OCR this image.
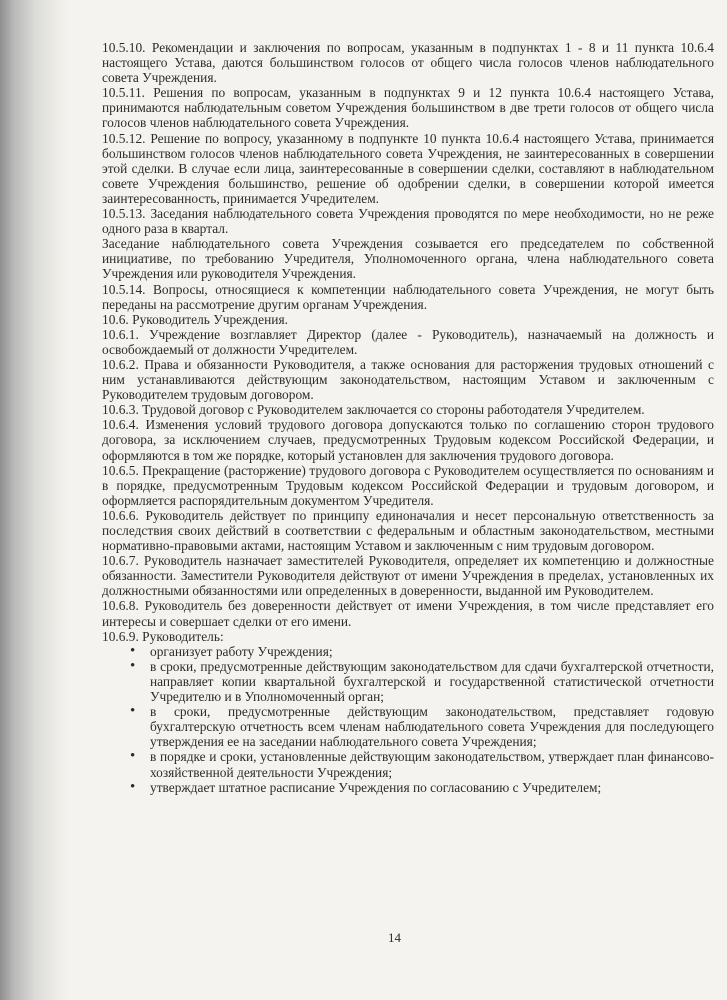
10.5.10. Рекомендации и заключения по вопросам, указанным в подпунктах 1 - 8 и 11 пункта 10.6.4 настоящего Устава, даются большинством голосов от общего числа голосов членов наблюдательного совета Учреждения.

10.5.11. Решения по вопросам, указанным в подпунктах 9 и 12 пункта 10.6.4 настоящего Устава, принимаются наблюдательным советом Учреждения большинством в две трети голосов от общего числа голосов членов наблюдательного совета Учреждения.

10.5.12. Решение по вопросу, указанному в подпункте 10 пункта 10.6.4 настоящего Устава, принимается большинством голосов членов наблюдательного совета Учреждения, не заинтересованных в совершении этой сделки. В случае если лица, заинтересованные в совершении сделки, составляют в наблюдательном совете Учреждения большинство, решение об одобрении сделки, в совершении которой имеется заинтересованность, принимается Учредителем.

10.5.13. Заседания наблюдательного совета Учреждения проводятся по мере необходимости, но не реже одного раза в квартал.

Заседание наблюдательного совета Учреждения созывается его председателем по собственной инициативе, по требованию Учредителя, Уполномоченного органа, члена наблюдательного совета Учреждения или руководителя Учреждения.

10.5.14. Вопросы, относящиеся к компетенции наблюдательного совета Учреждения, не могут быть переданы на рассмотрение другим органам Учреждения.

10.6. Руководитель Учреждения.

10.6.1. Учреждение возглавляет Директор (далее - Руководитель), назначаемый на должность и освобождаемый от должности Учредителем.

10.6.2. Права и обязанности Руководителя, а также основания для расторжения трудовых отношений с ним устанавливаются действующим законодательством, настоящим Уставом и заключенным с Руководителем трудовым договором.

10.6.3. Трудовой договор с Руководителем заключается со стороны работодателя Учредителем.

10.6.4. Изменения условий трудового договора допускаются только по соглашению сторон трудового договора, за исключением случаев, предусмотренных Трудовым кодексом Российской Федерации, и оформляются в том же порядке, который установлен для заключения трудового договора.

10.6.5. Прекращение (расторжение) трудового договора с Руководителем осуществляется по основаниям и в порядке, предусмотренным Трудовым кодексом Российской Федерации и трудовым договором, и оформляется распорядительным документом Учредителя.

10.6.6. Руководитель действует по принципу единоначалия и несет персональную ответственность за последствия своих действий в соответствии с федеральным и областным законодательством, местными нормативно-правовыми актами, настоящим Уставом и заключенным с ним трудовым договором.

10.6.7. Руководитель назначает заместителей Руководителя, определяет их компетенцию и должностные обязанности. Заместители Руководителя действуют от имени Учреждения в пределах, установленных их должностными обязанностями или определенных в доверенности, выданной им Руководителем.

10.6.8. Руководитель без доверенности действует от имени Учреждения, в том числе представляет его интересы и совершает сделки от его имени.

10.6.9. Руководитель:

• организует работу Учреждения;
• в сроки, предусмотренные действующим законодательством для сдачи бухгалтерской отчетности, направляет копии квартальной бухгалтерской и государственной статистической отчетности Учредителю и в Уполномоченный орган;
• в сроки, предусмотренные действующим законодательством, представляет годовую бухгалтерскую отчетность всем членам наблюдательного совета Учреждения для последующего утверждения ее на заседании наблюдательного совета Учреждения;
• в порядке и сроки, установленные действующим законодательством, утверждает план финансово-хозяйственной деятельности Учреждения;
• утверждает штатное расписание Учреждения по согласованию с Учредителем;
14
